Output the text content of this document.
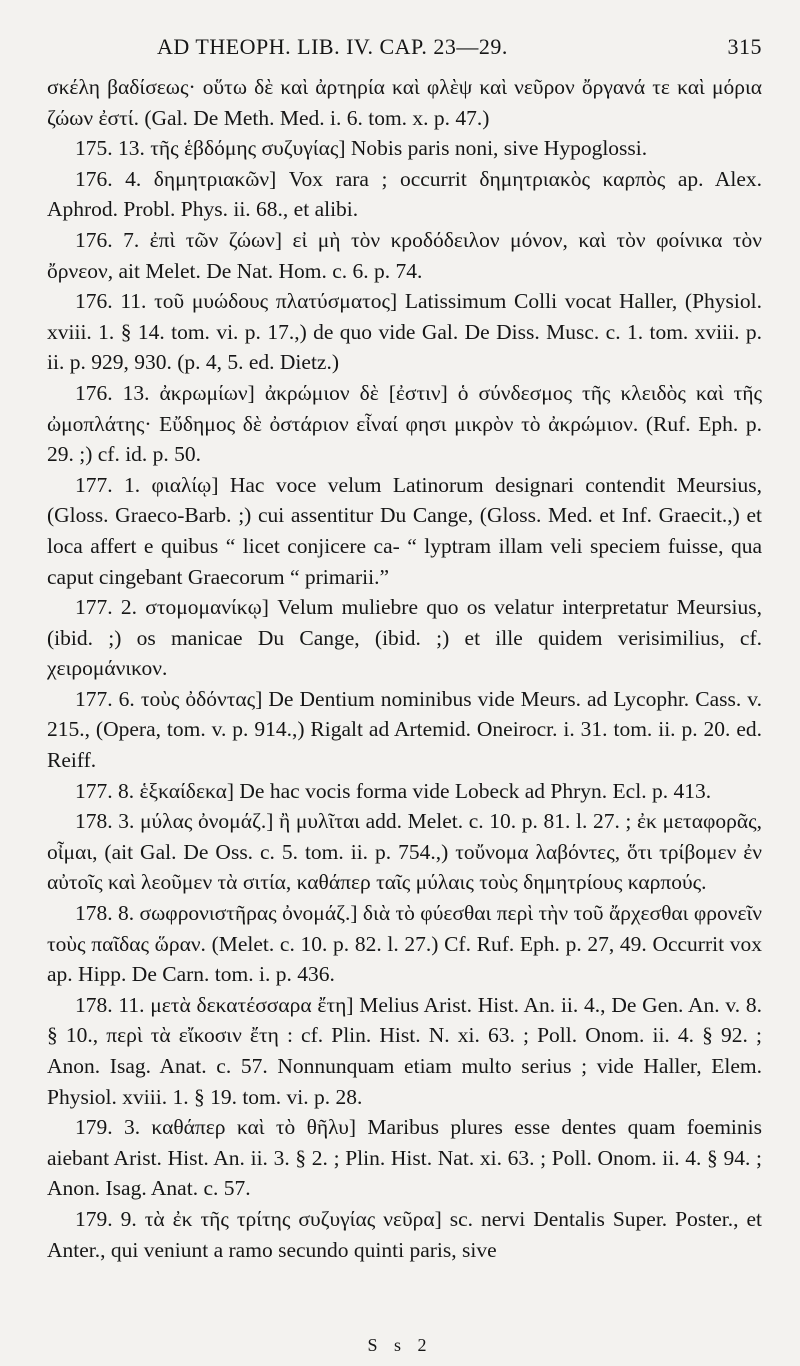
AD THEOPH. LIB. IV. CAP. 23—29.	315

σκέλη βαδίσεως· οὕτω δὲ καὶ ἀρτηρία καὶ φλὲψ καὶ νεῦρον ὄργανά τε καὶ μόρια ζώων ἐστί. (Gal. De Meth. Med. i. 6. tom. x. p. 47.)

175. 13. τῆς ἑβδόμης συζυγίας] Nobis paris noni, sive Hypoglossi.

176. 4. δημητριακῶν] Vox rara ; occurrit δημητριακὸς καρπὸς ap. Alex. Aphrod. Probl. Phys. ii. 68., et alibi.

176. 7. ἐπὶ τῶν ζώων] εἰ μὴ τὸν κροδόδειλον μόνον, καὶ τὸν φοίνικα τὸν ὄρνεον, ait Melet. De Nat. Hom. c. 6. p. 74.

176. 11. τοῦ μυώδους πλατύσματος] Latissimum Colli vocat Haller, (Physiol. xviii. 1. § 14. tom. vi. p. 17.,) de quo vide Gal. De Diss. Musc. c. 1. tom. xviii. p. ii. p. 929, 930. (p. 4, 5. ed. Dietz.)

176. 13. ἀκρωμίων] ἀκρώμιον δὲ [ἐστιν] ὁ σύνδεσμος τῆς κλειδὸς καὶ τῆς ὠμοπλάτης· Εὔδημος δὲ ὀστάριον εἶναί φησι μικρὸν τὸ ἀκρώμιον. (Ruf. Eph. p. 29. ;) cf. id. p. 50.

177. 1. φιαλίῳ] Hac voce velum Latinorum designari contendit Meursius, (Gloss. Graeco-Barb. ;) cui assentitur Du Cange, (Gloss. Med. et Inf. Graecit.,) et loca affert e quibus “ licet conjicere ca- “ lyptram illam veli speciem fuisse, qua caput cingebant Graecorum “ primarii.”

177. 2. στομομανίκῳ] Velum muliebre quo os velatur interpretatur Meursius, (ibid. ;) os manicae Du Cange, (ibid. ;) et ille quidem verisimilius, cf. χειρομάνικον.

177. 6. τοὺς ὀδόντας] De Dentium nominibus vide Meurs. ad Lycophr. Cass. v. 215., (Opera, tom. v. p. 914.,) Rigalt ad Artemid. Oneirocr. i. 31. tom. ii. p. 20. ed. Reiff.

177. 8. ἑξκαίδεκα] De hac vocis forma vide Lobeck ad Phryn. Ecl. p. 413.

178. 3. μύλας ὀνομάζ.] ἢ μυλῖται add. Melet. c. 10. p. 81. l. 27. ; ἐκ μεταφορᾶς, οἶμαι, (ait Gal. De Oss. c. 5. tom. ii. p. 754.,) τοὔνομα λαβόντες, ὅτι τρίβομεν ἐν αὐτοῖς καὶ λεοῦμεν τὰ σιτία, καθάπερ ταῖς μύλαις τοὺς δημητρίους καρπούς.

178. 8. σωφρονιστῆρας ὀνομάζ.] διὰ τὸ φύεσθαι περὶ τὴν τοῦ ἄρχεσθαι φρονεῖν τοὺς παῖδας ὥραν. (Melet. c. 10. p. 82. l. 27.) Cf. Ruf. Eph. p. 27, 49. Occurrit vox ap. Hipp. De Carn. tom. i. p. 436.

178. 11. μετὰ δεκατέσσαρα ἔτη] Melius Arist. Hist. An. ii. 4., De Gen. An. v. 8. § 10., περὶ τὰ εἴκοσιν ἔτη : cf. Plin. Hist. N. xi. 63. ; Poll. Onom. ii. 4. § 92. ; Anon. Isag. Anat. c. 57. Nonnunquam etiam multo serius ; vide Haller, Elem. Physiol. xviii. 1. § 19. tom. vi. p. 28.

179. 3. καθάπερ καὶ τὸ θῆλυ] Maribus plures esse dentes quam foeminis aiebant Arist. Hist. An. ii. 3. § 2. ; Plin. Hist. Nat. xi. 63. ; Poll. Onom. ii. 4. § 94. ; Anon. Isag. Anat. c. 57.

179. 9. τὰ ἐκ τῆς τρίτης συζυγίας νεῦρα] sc. nervi Dentalis Super. Poster., et Anter., qui veniunt a ramo secundo quinti paris, sive

S s 2
